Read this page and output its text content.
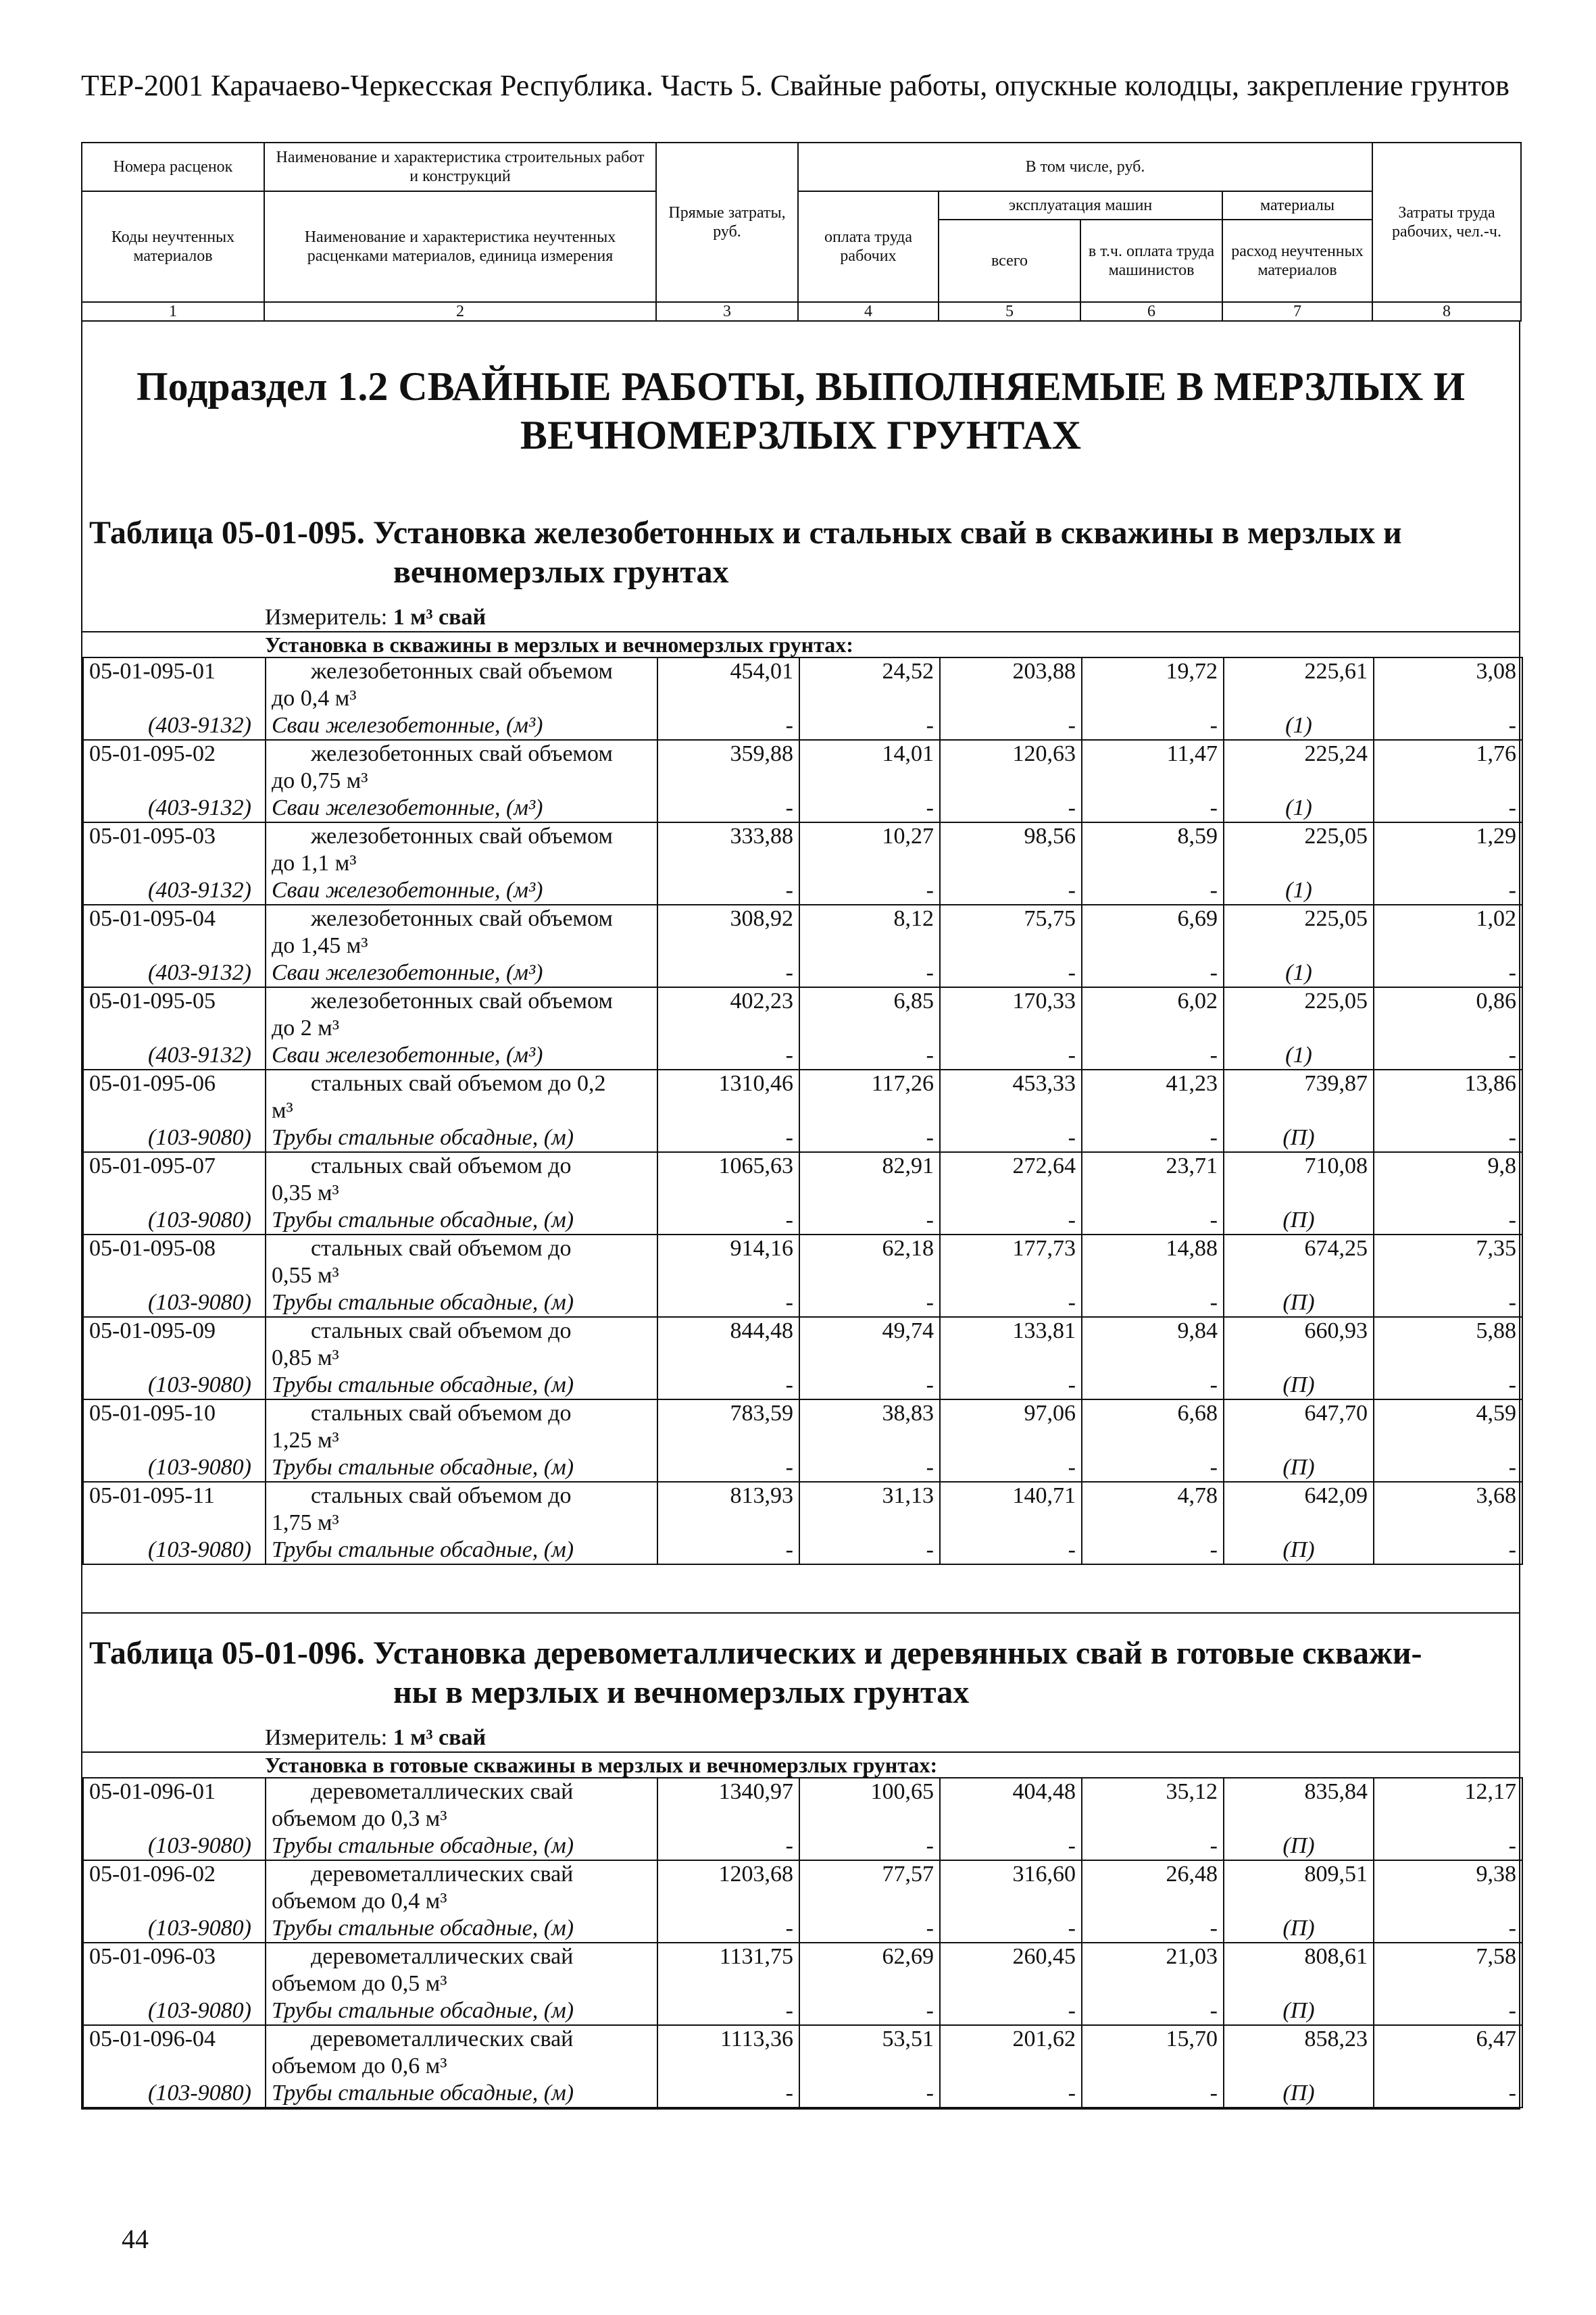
ТЕР-2001 Карачаево-Черкесская Республика. Часть 5. Свайные работы, опускные колодцы, закрепление грунтов
Номера расценок	Наименование и характеристика строительных работ и конструкций	Прямые затраты, руб.	В том числе, руб.				Затраты труда рабочих, чел.-ч.
Коды неучтенных материалов	Наименование и характеристика неучтенных расценками материалов, единица измерения		оплата труда рабочих	эксплуатация машин		материалы	
				всего	в т.ч. оплата труда машинистов	расход неучтенных материалов	
1	2	3	4	5	6	7	8
Подраздел 1.2 СВАЙНЫЕ РАБОТЫ, ВЫПОЛНЯЕМЫЕ В МЕРЗЛЫХ И ВЕЧНОМЕРЗЛЫХ ГРУНТАХ
Таблица 05-01-095. Установка железобетонных и стальных свай в скважины в мерзлых и
вечномерзлых грунтах
Измеритель: 1 м³ свай
Установка в скважины в мерзлых и вечномерзлых грунтах:
05-01-095-01	железобетонных свай объемом
до 0,4 м³	454,01	24,52	203,88	19,72	225,61	3,08
(403-9132)	Сваи железобетонные, (м³)	-	-	-	-	(1)	-
05-01-095-02	железобетонных свай объемом
до 0,75 м³	359,88	14,01	120,63	11,47	225,24	1,76
(403-9132)	Сваи железобетонные, (м³)	-	-	-	-	(1)	-
05-01-095-03	железобетонных свай объемом
до 1,1 м³	333,88	10,27	98,56	8,59	225,05	1,29
(403-9132)	Сваи железобетонные, (м³)	-	-	-	-	(1)	-
05-01-095-04	железобетонных свай объемом
до 1,45 м³	308,92	8,12	75,75	6,69	225,05	1,02
(403-9132)	Сваи железобетонные, (м³)	-	-	-	-	(1)	-
05-01-095-05	железобетонных свай объемом
до 2 м³	402,23	6,85	170,33	6,02	225,05	0,86
(403-9132)	Сваи железобетонные, (м³)	-	-	-	-	(1)	-
05-01-095-06	стальных свай объемом до 0,2
м³	1310,46	117,26	453,33	41,23	739,87	13,86
(103-9080)	Трубы стальные обсадные, (м)	-	-	-	-	(П)	-
05-01-095-07	стальных свай объемом до
0,35 м³	1065,63	82,91	272,64	23,71	710,08	9,8
(103-9080)	Трубы стальные обсадные, (м)	-	-	-	-	(П)	-
05-01-095-08	стальных свай объемом до
0,55 м³	914,16	62,18	177,73	14,88	674,25	7,35
(103-9080)	Трубы стальные обсадные, (м)	-	-	-	-	(П)	-
05-01-095-09	стальных свай объемом до
0,85 м³	844,48	49,74	133,81	9,84	660,93	5,88
(103-9080)	Трубы стальные обсадные, (м)	-	-	-	-	(П)	-
05-01-095-10	стальных свай объемом до
1,25 м³	783,59	38,83	97,06	6,68	647,70	4,59
(103-9080)	Трубы стальные обсадные, (м)	-	-	-	-	(П)	-
05-01-095-11	стальных свай объемом до
1,75 м³	813,93	31,13	140,71	4,78	642,09	3,68
(103-9080)	Трубы стальные обсадные, (м)	-	-	-	-	(П)	-
Таблица 05-01-096. Установка деревометаллических и деревянных свай в готовые скважи-
ны в мерзлых и вечномерзлых грунтах
Измеритель: 1 м³ свай
Установка в готовые скважины в мерзлых и вечномерзлых грунтах:
05-01-096-01	деревометаллических свай
объемом до 0,3 м³	1340,97	100,65	404,48	35,12	835,84	12,17
(103-9080)	Трубы стальные обсадные, (м)	-	-	-	-	(П)	-
05-01-096-02	деревометаллических свай
объемом до 0,4 м³	1203,68	77,57	316,60	26,48	809,51	9,38
(103-9080)	Трубы стальные обсадные, (м)	-	-	-	-	(П)	-
05-01-096-03	деревометаллических свай
объемом до 0,5 м³	1131,75	62,69	260,45	21,03	808,61	7,58
(103-9080)	Трубы стальные обсадные, (м)	-	-	-	-	(П)	-
05-01-096-04	деревометаллических свай
объемом до 0,6 м³	1113,36	53,51	201,62	15,70	858,23	6,47
(103-9080)	Трубы стальные обсадные, (м)	-	-	-	-	(П)	-
44
